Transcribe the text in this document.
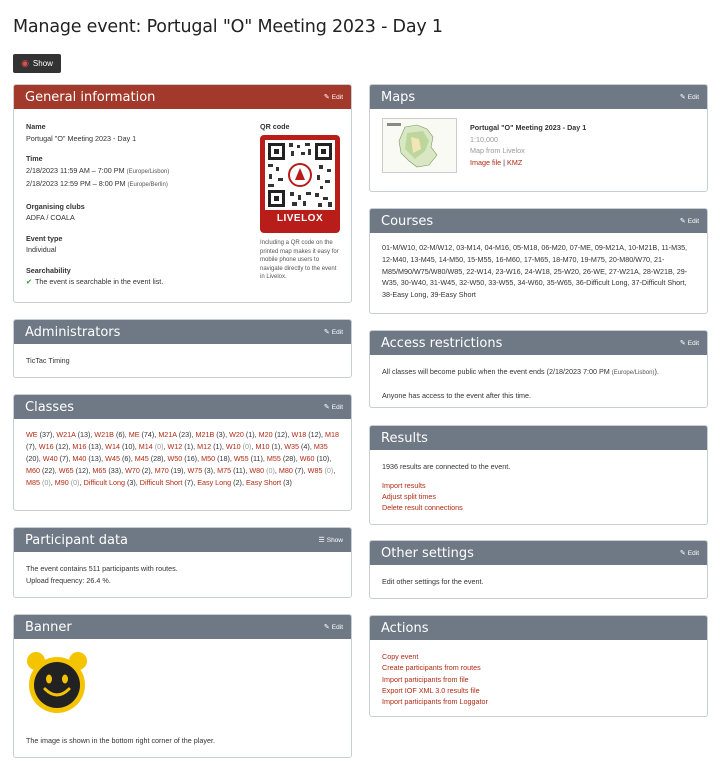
Manage event: Portugal "O" Meeting 2023 - Day 1
◉ Show
General information	✎ Edit
Name
Portugal "O" Meeting 2023 - Day 1
Time
2/18/2023 11:59 AM – 7:00 PM (Europe/Lisbon)
2/18/2023 12:59 PM – 8:00 PM (Europe/Berlin)
Organising clubs
ADFA / COALA
Event type
Individual
Searchability
✔ The event is searchable in the event list.
QR code
LIVELOX
Including a QR code on the printed map makes it easy for mobile phone users to navigate directly to the event in Livelox.
Administrators	✎ Edit
TicTac Timing
Classes	✎ Edit
WE (37), W21A (13), W21B (6), ME (74), M21A (23), M21B (3), W20 (1), M20 (12), W18 (12), M18 (7), W16 (12), M16 (13), W14 (10), M14 (0), W12 (1), M12 (1), W10 (0), M10 (1), W35 (4), M35 (20), W40 (7), M40 (13), W45 (6), M45 (28), W50 (16), M50 (18), W55 (11), M55 (28), W60 (10), M60 (22), W65 (12), M65 (33), W70 (2), M70 (19), W75 (3), M75 (11), W80 (0), M80 (7), W85 (0), M85 (0), M90 (0), Difficult Long (3), Difficult Short (7), Easy Long (2), Easy Short (3)
Participant data	☰ Show
The event contains 511 participants with routes.
Upload frequency: 26.4 %.
Banner	✎ Edit
The image is shown in the bottom right corner of the player.
Maps	✎ Edit
Portugal "O" Meeting 2023 - Day 1
1:10,000
Map from Livelox
Image file | KMZ
Courses	✎ Edit
01-M/W10, 02-M/W12, 03-M14, 04-M16, 05-M18, 06-M20, 07-ME, 09-M21A, 10-M21B, 11-M35, 12-M40, 13-M45, 14-M50, 15-M55, 16-M60, 17-M65, 18-M70, 19-M75, 20-M80/W70, 21-M85/M90/W75/W80/W85, 22-W14, 23-W16, 24-W18, 25-W20, 26-WE, 27-W21A, 28-W21B, 29-W35, 30-W40, 31-W45, 32-W50, 33-W55, 34-W60, 35-W65, 36-Difficult Long, 37-Difficult Short, 38-Easy Long, 39-Easy Short
Access restrictions	✎ Edit
All classes will become public when the event ends (2/18/2023 7:00 PM (Europe/Lisbon)).
Anyone has access to the event after this time.
Results
1936 results are connected to the event.
Import results
Adjust split times
Delete result connections
Other settings	✎ Edit
Edit other settings for the event.
Actions
Copy event
Create participants from routes
Import participants from file
Export IOF XML 3.0 results file
Import participants from Loggator
